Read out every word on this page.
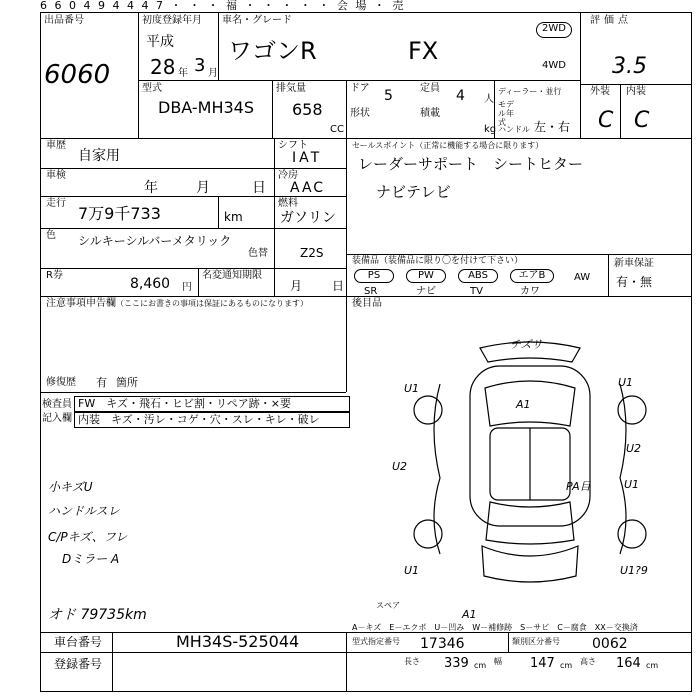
6 6 0 4 9 4 4 4 7 ・ ・ ・ 福 ・ ・ ・ ・ ・ 会 場 ・ 売
出品番号
6060
初度登録年月
平成
28 年 3 月
車名・グレード
ワゴンR	FX
2WD
4WD
評価点
3.5
外装 内装
C C
型式
DBA-MH34S
排気量
658
CC
ドア 5
形状
定員 4 人
積載
kg
ディーラー・並行
モデル年式
ハンドル 左・右
車歴
自家用
車検
年	月	日
走行
7万9千733	km
色 シルキーシルバーメタリック
色替	Z2S
R券
8,460 円
名変通知期限
月 日
シフト
IAT
冷房
AAC
燃料
ガソリン
セールスポイント（正常に機能する場合に限ります）
レーダーサポート　シートヒター
ナビテレビ
装備品（装備品に限り〇を付けて下さい）
PS	PW	ABS	エアB	AW
SR	ナビ	TV	カワ
新車保証
有・無
後目品
注意事項申告欄 （ここにお書きの事項は保証にあるものになります）
修復歴 有 箇所
検査員
記入欄
FW　キズ・飛石・ヒビ割・リペア跡・×要
内装　キズ・汚レ・コゲ・穴・スレ・キレ・破レ
小キズU
ハンドルスレ
C/Pキズ、フレ
Dミラー A
オド 79735km
チズリ
U1	U1
A1
U2
U2
PA目	U1
U1	U1?9
A1
スペア
A－キズ　E－エクボ　U－凹み　W－補修跡　S－サビ　C－腐食　XX－交換済
車台番号	MH34S-525044
登録番号
型式指定番号 17346	類別区分番号 0062
長さ 339 cm 幅 147 cm 高さ 164 cm
